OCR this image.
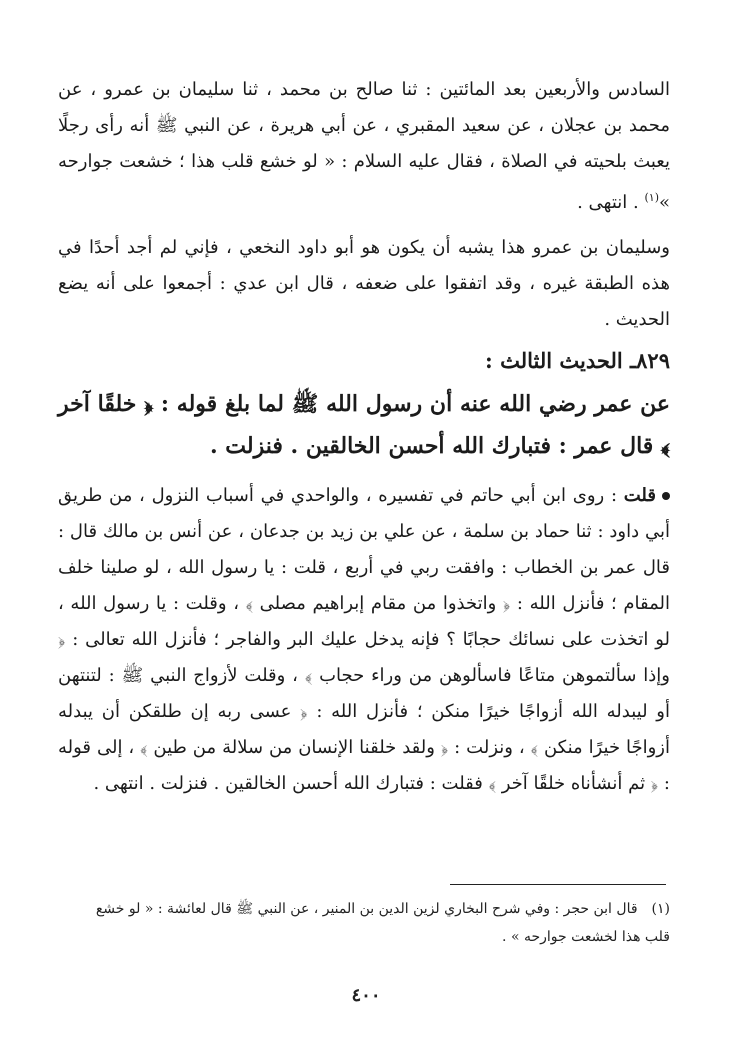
السادس والأربعين بعد المائتين : ثنا صالح بن محمد ، ثنا سليمان بن عمرو ، عن محمد بن عجلان ، عن سعيد المقبري ، عن أبي هريرة ، عن النبي ﷺ أنه رأى رجلًا يعبث بلحيته في الصلاة ، فقال عليه السلام : « لو خشع قلب هذا ؛ خشعت جوارحه »$^{(١)}$ . انتهى .

وسليمان بن عمرو هذا يشبه أن يكون هو أبو داود النخعي ، فإني لم أجد أحدًا في هذه الطبقة غيره ، وقد اتفقوا على ضعفه ، قال ابن عدي : أجمعوا على أنه يضع الحديث .

٨٢٩ـ الحديث الثالث :

عن عمر رضي الله عنه أن رسول الله ﷺ لما بلغ قوله : ﴿ خلقًا آخر ﴾ قال عمر : فتبارك الله أحسن الخالقين . فنزلت .

قلت : روى ابن أبي حاتم في تفسيره ، والواحدي في أسباب النزول ، من طريق أبي داود : ثنا حماد بن سلمة ، عن علي بن زيد بن جدعان ، عن أنس بن مالك قال : قال عمر بن الخطاب : وافقت ربي في أربع ، قلت : يا رسول الله ، لو صلينا خلف المقام ؛ فأنزل الله : ﴿ واتخذوا من مقام إبراهيم مصلى ﴾ ، وقلت : يا رسول الله ، لو اتخذت على نسائك حجابًا ؟ فإنه يدخل عليك البر والفاجر ؛ فأنزل الله تعالى : ﴿ وإذا سألتموهن متاعًا فاسألوهن من وراء حجاب ﴾ ، وقلت لأزواج النبي ﷺ : لتنتهن أو ليبدله الله أزواجًا خيرًا منكن ؛ فأنزل الله : ﴿ عسى ربه إن طلقكن أن يبدله أزواجًا خيرًا منكن ﴾ ، ونزلت : ﴿ ولقد خلقنا الإنسان من سلالة من طين ﴾ ، إلى قوله : ﴿ ثم أنشأناه خلقًا آخر ﴾ فقلت : فتبارك الله أحسن الخالقين . فنزلت . انتهى .

(١)قال ابن حجر : وفي شرح البخاري لزين الدين بن المنير ، عن النبي ﷺ قال لعائشة : « لو خشع قلب هذا لخشعت جوارحه » .
٤٠٠
